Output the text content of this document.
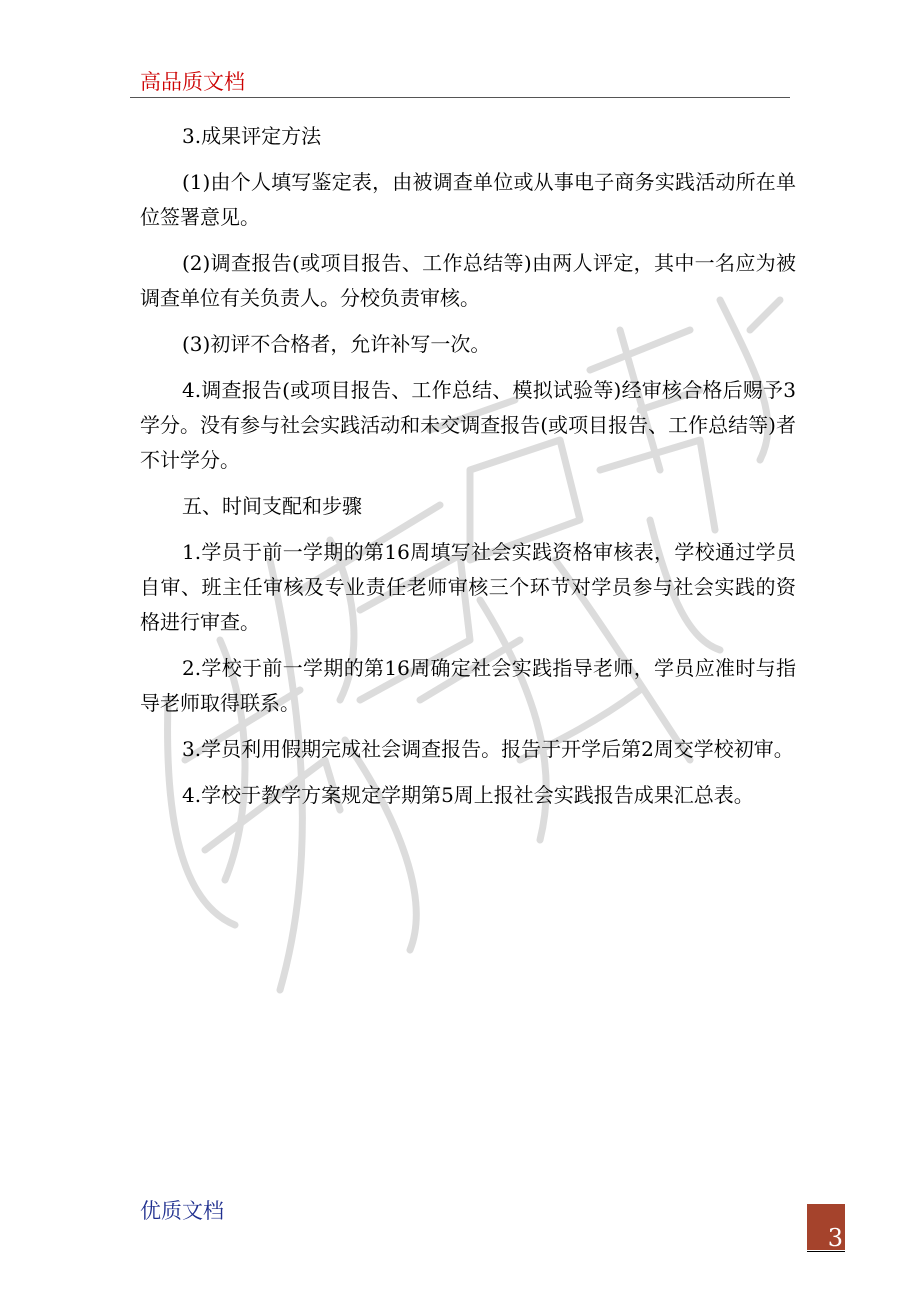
高品质文档

3.成果评定方法

(1)由个人填写鉴定表，由被调查单位或从事电子商务实践活动所在单位签署意见。

(2)调查报告(或项目报告、工作总结等)由两人评定，其中一名应为被调查单位有关负责人。分校负责审核。

(3)初评不合格者，允许补写一次。

4.调查报告(或项目报告、工作总结、模拟试验等)经审核合格后赐予3学分。没有参与社会实践活动和未交调查报告(或项目报告、工作总结等)者不计学分。

五、时间支配和步骤

1.学员于前一学期的第16周填写社会实践资格审核表，学校通过学员自审、班主任审核及专业责任老师审核三个环节对学员参与社会实践的资格进行审查。

2.学校于前一学期的第16周确定社会实践指导老师，学员应准时与指导老师取得联系。

3.学员利用假期完成社会调查报告。报告于开学后第2周交学校初审。

4.学校于教学方案规定学期第5周上报社会实践报告成果汇总表。

优质文档
3
